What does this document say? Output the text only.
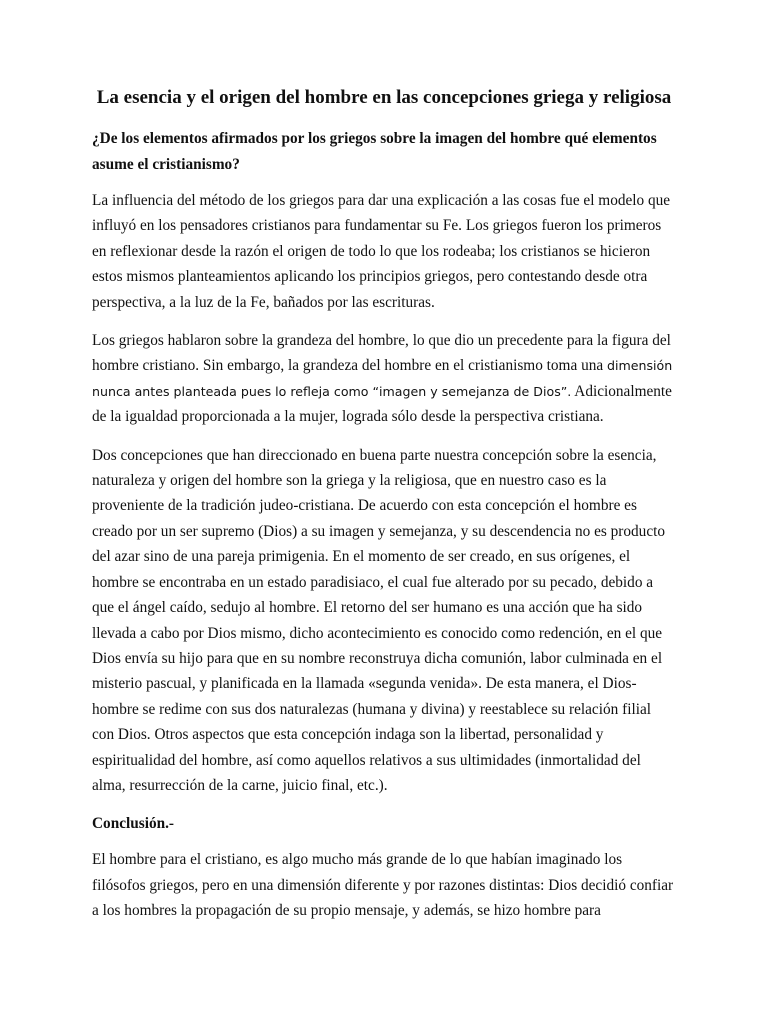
La esencia y el origen del hombre en las concepciones griega y religiosa
¿De los elementos afirmados por los griegos sobre la imagen del hombre qué elementos asume el cristianismo?

La influencia del método de los griegos para dar una explicación a las cosas fue el modelo que influyó en los pensadores cristianos para fundamentar su Fe. Los griegos fueron los primeros en reflexionar desde la razón el origen de todo lo que los rodeaba; los cristianos se hicieron estos mismos planteamientos aplicando los principios griegos, pero contestando desde otra perspectiva, a la luz de la Fe, bañados por las escrituras.

Los griegos hablaron sobre la grandeza del hombre, lo que dio un precedente para la figura del hombre cristiano. Sin embargo, la grandeza del hombre en el cristianismo toma una dimensión nunca antes planteada pues lo refleja como “imagen y semejanza de Dios”. Adicionalmente de la igualdad proporcionada a la mujer, lograda sólo desde la perspectiva cristiana.

Dos concepciones que han direccionado en buena parte nuestra concepción sobre la esencia, naturaleza y origen del hombre son la griega y la religiosa, que en nuestro caso es la proveniente de la tradición judeo-cristiana. De acuerdo con esta concepción el hombre es creado por un ser supremo (Dios) a su imagen y semejanza, y su descendencia no es producto del azar sino de una pareja primigenia. En el momento de ser creado, en sus orígenes, el hombre se encontraba en un estado paradisiaco, el cual fue alterado por su pecado, debido a que el ángel caído, sedujo al hombre. El retorno del ser humano es una acción que ha sido llevada a cabo por Dios mismo, dicho acontecimiento es conocido como redención, en el que Dios envía su hijo para que en su nombre reconstruya dicha comunión, labor culminada en el misterio pascual, y planificada en la llamada «segunda venida». De esta manera, el Dios-hombre se redime con sus dos naturalezas (humana y divina) y reestablece su relación filial con Dios. Otros aspectos que esta concepción indaga son la libertad, personalidad y espiritualidad del hombre, así como aquellos relativos a sus ultimidades (inmortalidad del alma, resurrección de la carne, juicio final, etc.).

Conclusión.-

El hombre para el cristiano, es algo mucho más grande de lo que habían imaginado los filósofos griegos, pero en una dimensión diferente y por razones distintas: Dios decidió confiar a los hombres la propagación de su propio mensaje, y además, se hizo hombre para
